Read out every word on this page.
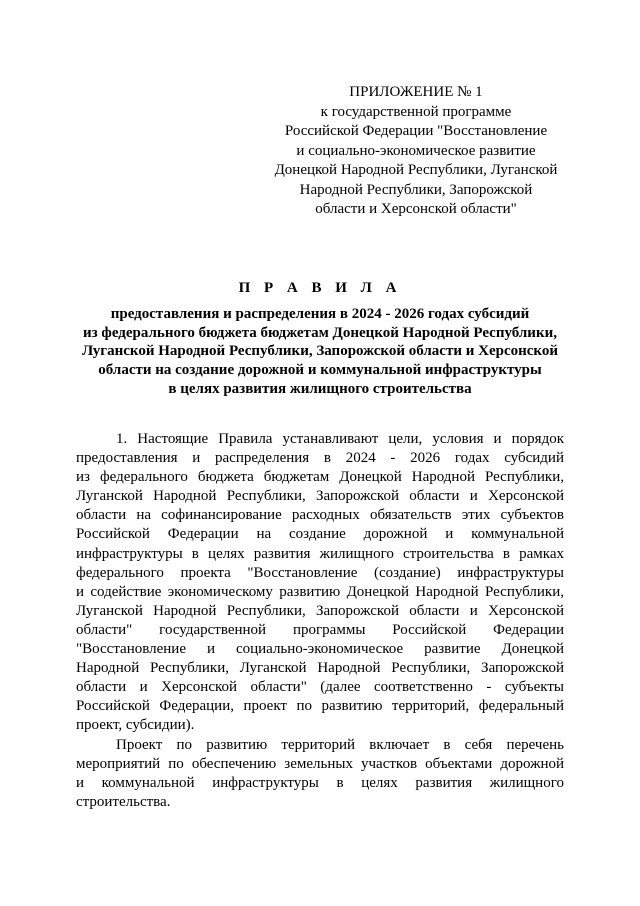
ПРИЛОЖЕНИЕ № 1
к государственной программе
Российской Федерации "Восстановление
и социально-экономическое развитие
Донецкой Народной Республики, Луганской
Народной Республики, Запорожской
области и Херсонской области"
П Р А В И Л А
предоставления и распределения в 2024 - 2026 годах субсидий
из федерального бюджета бюджетам Донецкой Народной Республики,
Луганской Народной Республики, Запорожской области и Херсонской
области на создание дорожной и коммунальной инфраструктуры
в целях развития жилищного строительства
1. Настоящие Правила устанавливают цели, условия и порядок
предоставления и распределения в 2024 - 2026 годах субсидий
из федерального бюджета бюджетам Донецкой Народной Республики,
Луганской Народной Республики, Запорожской области и Херсонской
области на софинансирование расходных обязательств этих субъектов
Российской Федерации на создание дорожной и коммунальной
инфраструктуры в целях развития жилищного строительства в рамках
федерального проекта "Восстановление (создание) инфраструктуры
и содействие экономическому развитию Донецкой Народной Республики,
Луганской Народной Республики, Запорожской области и Херсонской
области" государственной программы Российской Федерации
"Восстановление и социально-экономическое развитие Донецкой
Народной Республики, Луганской Народной Республики, Запорожской
области и Херсонской области" (далее соответственно - субъекты
Российской Федерации, проект по развитию территорий, федеральный
проект, субсидии).
Проект по развитию территорий включает в себя перечень
мероприятий по обеспечению земельных участков объектами дорожной
и коммунальной инфраструктуры в целях развития жилищного
строительства.
